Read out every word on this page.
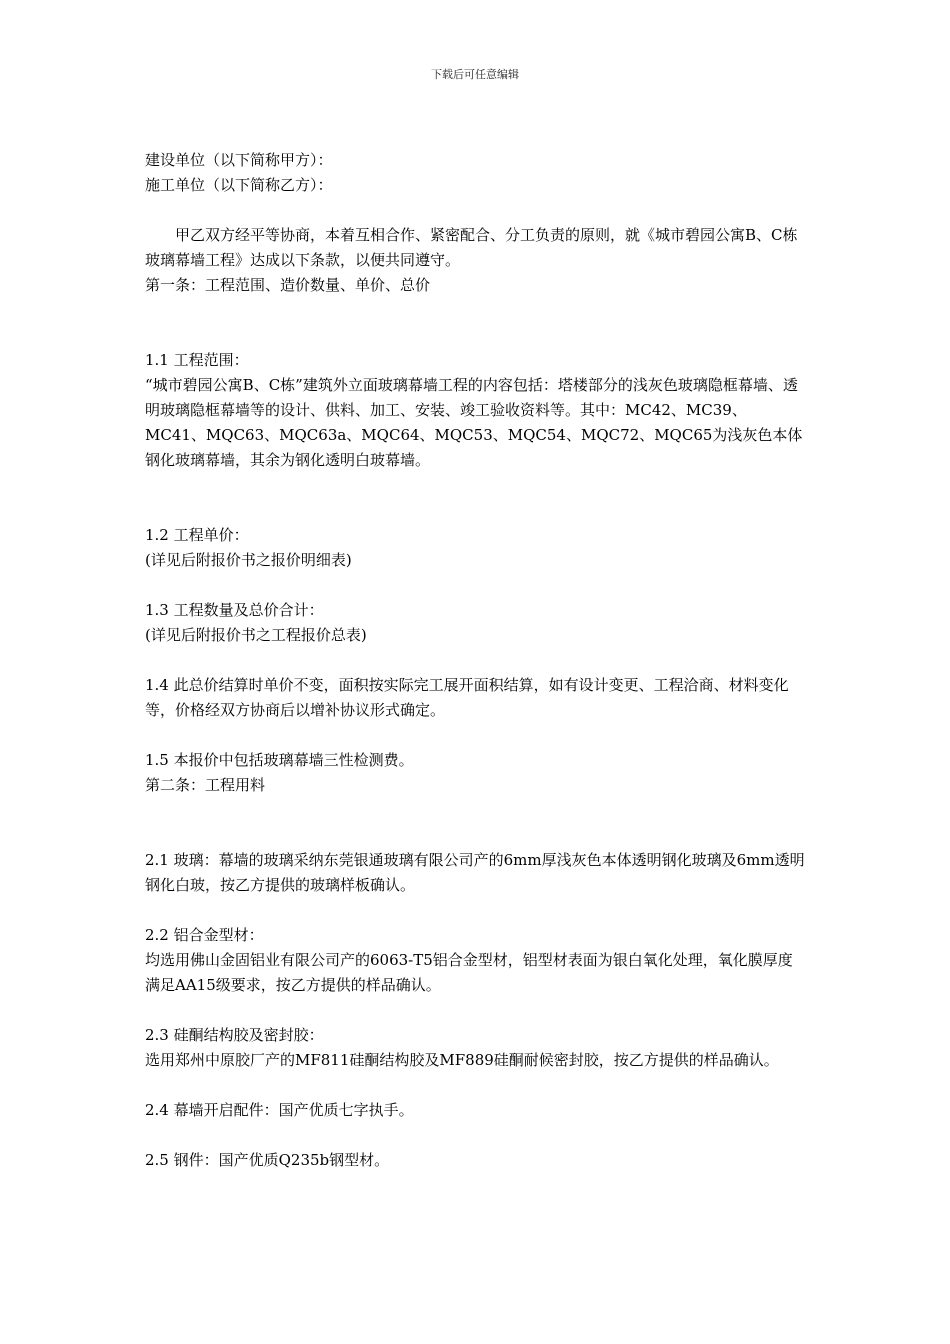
下载后可任意编辑

建设单位（以下简称甲方）：

施工单位（以下简称乙方）：

甲乙双方经平等协商，本着互相合作、紧密配合、分工负责的原则，就《城市碧园公寓B、C栋玻璃幕墙工程》达成以下条款，以便共同遵守。

第一条：工程范围、造价数量、单价、总价

1.1 工程范围：

“城市碧园公寓B、C栋”建筑外立面玻璃幕墙工程的内容包括：塔楼部分的浅灰色玻璃隐框幕墙、透明玻璃隐框幕墙等的设计、供料、加工、安装、竣工验收资料等。其中：MC42、MC39、MC41、MQC63、MQC63a、MQC64、MQC53、MQC54、MQC72、MQC65为浅灰色本体钢化玻璃幕墙，其余为钢化透明白玻幕墙。

1.2 工程单价：

(详见后附报价书之报价明细表)

1.3 工程数量及总价合计：

(详见后附报价书之工程报价总表)

1.4 此总价结算时单价不变，面积按实际完工展开面积结算，如有设计变更、工程洽商、材料变化等，价格经双方协商后以增补协议形式确定。

1.5 本报价中包括玻璃幕墙三性检测费。

第二条：工程用料

2.1 玻璃：幕墙的玻璃采纳东莞银通玻璃有限公司产的6mm厚浅灰色本体透明钢化玻璃及6mm透明钢化白玻，按乙方提供的玻璃样板确认。

2.2 铝合金型材：

均选用佛山金固铝业有限公司产的6063-T5铝合金型材，铝型材表面为银白氧化处理，氧化膜厚度满足AA15级要求，按乙方提供的样品确认。

2.3 硅酮结构胶及密封胶：

选用郑州中原胶厂产的MF811硅酮结构胶及MF889硅酮耐候密封胶，按乙方提供的样品确认。

2.4 幕墙开启配件：国产优质七字执手。

2.5 钢件：国产优质Q235b钢型材。
